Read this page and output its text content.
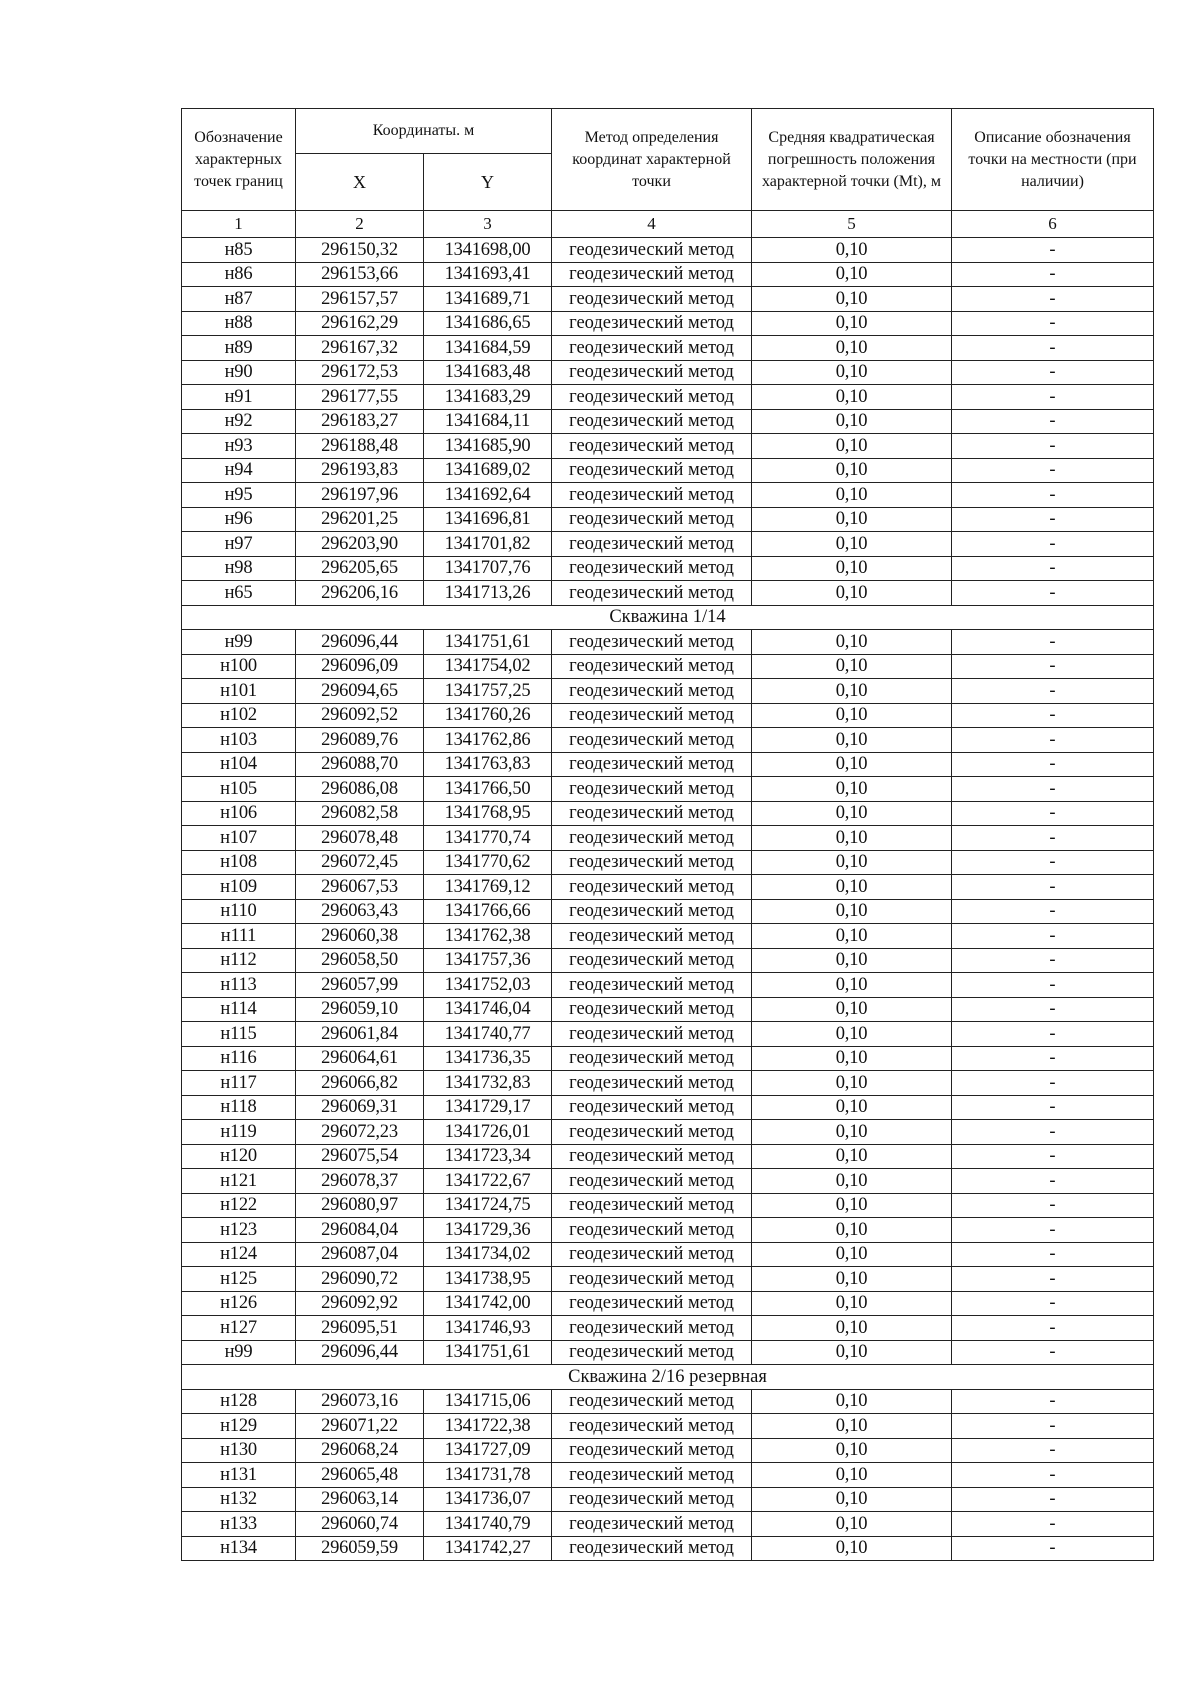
Обозначение характерных точек границ	Координаты. м		Метод определения координат характерной точки	Средняя квадратическая погрешность положения характерной точки (Mt), м	Описание обозначения точки на местности (при наличии)
	X	Y			
1	2	3	4	5	6
н85	296150,32	1341698,00	геодезический метод	0,10	-
н86	296153,66	1341693,41	геодезический метод	0,10	-
н87	296157,57	1341689,71	геодезический метод	0,10	-
н88	296162,29	1341686,65	геодезический метод	0,10	-
н89	296167,32	1341684,59	геодезический метод	0,10	-
н90	296172,53	1341683,48	геодезический метод	0,10	-
н91	296177,55	1341683,29	геодезический метод	0,10	-
н92	296183,27	1341684,11	геодезический метод	0,10	-
н93	296188,48	1341685,90	геодезический метод	0,10	-
н94	296193,83	1341689,02	геодезический метод	0,10	-
н95	296197,96	1341692,64	геодезический метод	0,10	-
н96	296201,25	1341696,81	геодезический метод	0,10	-
н97	296203,90	1341701,82	геодезический метод	0,10	-
н98	296205,65	1341707,76	геодезический метод	0,10	-
н65	296206,16	1341713,26	геодезический метод	0,10	-
Скважина 1/14					
н99	296096,44	1341751,61	геодезический метод	0,10	-
н100	296096,09	1341754,02	геодезический метод	0,10	-
н101	296094,65	1341757,25	геодезический метод	0,10	-
н102	296092,52	1341760,26	геодезический метод	0,10	-
н103	296089,76	1341762,86	геодезический метод	0,10	-
н104	296088,70	1341763,83	геодезический метод	0,10	-
н105	296086,08	1341766,50	геодезический метод	0,10	-
н106	296082,58	1341768,95	геодезический метод	0,10	-
н107	296078,48	1341770,74	геодезический метод	0,10	-
н108	296072,45	1341770,62	геодезический метод	0,10	-
н109	296067,53	1341769,12	геодезический метод	0,10	-
н110	296063,43	1341766,66	геодезический метод	0,10	-
н111	296060,38	1341762,38	геодезический метод	0,10	-
н112	296058,50	1341757,36	геодезический метод	0,10	-
н113	296057,99	1341752,03	геодезический метод	0,10	-
н114	296059,10	1341746,04	геодезический метод	0,10	-
н115	296061,84	1341740,77	геодезический метод	0,10	-
н116	296064,61	1341736,35	геодезический метод	0,10	-
н117	296066,82	1341732,83	геодезический метод	0,10	-
н118	296069,31	1341729,17	геодезический метод	0,10	-
н119	296072,23	1341726,01	геодезический метод	0,10	-
н120	296075,54	1341723,34	геодезический метод	0,10	-
н121	296078,37	1341722,67	геодезический метод	0,10	-
н122	296080,97	1341724,75	геодезический метод	0,10	-
н123	296084,04	1341729,36	геодезический метод	0,10	-
н124	296087,04	1341734,02	геодезический метод	0,10	-
н125	296090,72	1341738,95	геодезический метод	0,10	-
н126	296092,92	1341742,00	геодезический метод	0,10	-
н127	296095,51	1341746,93	геодезический метод	0,10	-
н99	296096,44	1341751,61	геодезический метод	0,10	-
Скважина 2/16 резервная					
н128	296073,16	1341715,06	геодезический метод	0,10	-
н129	296071,22	1341722,38	геодезический метод	0,10	-
н130	296068,24	1341727,09	геодезический метод	0,10	-
н131	296065,48	1341731,78	геодезический метод	0,10	-
н132	296063,14	1341736,07	геодезический метод	0,10	-
н133	296060,74	1341740,79	геодезический метод	0,10	-
н134	296059,59	1341742,27	геодезический метод	0,10	-
